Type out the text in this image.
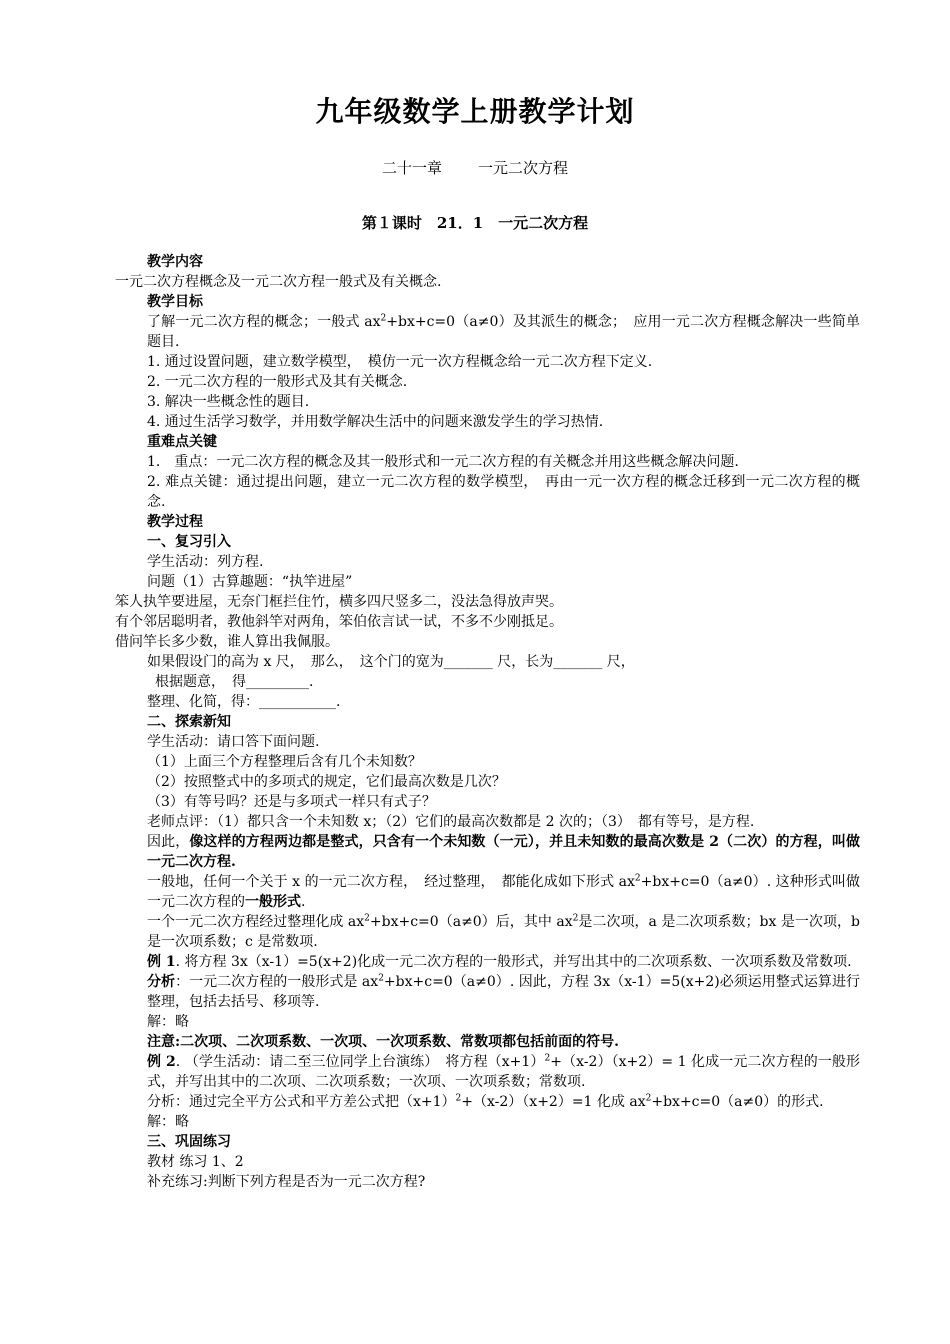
九年级数学上册教学计划
二十一章 一元二次方程
第１课时　21．1　一元二次方程
教学内容
一元二次方程概念及一元二次方程一般式及有关概念.
教学目标
了解一元二次方程的概念；一般式 $ax^2+bx+c=0(a\ne 0)$及其派生的概念；　应用一元二次方程概念解决一些简单题目.
1. 通过设置问题，建立数学模型，　模仿一元一次方程概念给一元二次方程下定义.
2. 一元二次方程的一般形式及其有关概念.
3. 解决一些概念性的题目.
4. 通过生活学习数学，并用数学解决生活中的问题来激发学生的学习热情.
重难点关键
1.　重点：一元二次方程的概念及其一般形式和一元二次方程的有关概念并用这些概念解决问题.
2. 难点关键：通过提出问题，建立一元二次方程的数学模型，　再由一元一次方程的概念迁移到一元二次方程的概念.
教学过程
一、复习引入
学生活动：列方程.
问题（1）古算趣题：“执竿进屋”
笨人执竿要进屋，无奈门框拦住竹，横多四尺竖多二，没法急得放声哭。
有个邻居聪明者，教他斜竿对两角，笨伯依言试一试，不多不少刚抵足。
借问竿长多少数，谁人算出我佩服。
如果假设门的高为 x 尺，　那么，　这个门的宽为_______ 尺，长为_______ 尺，
根据题意，　得_________.
整理、化简，得：___________.
二、探索新知
学生活动：请口答下面问题.
（1）上面三个方程整理后含有几个未知数？
（2）按照整式中的多项式的规定，它们最高次数是几次？
（3）有等号吗？还是与多项式一样只有式子？
老师点评：（1）都只含一个未知数 x；（2）它们的最高次数都是 2 次的；（3）　都有等号，是方程.
因此，像这样的方程两边都是整式，只含有一个未知数（一元），并且未知数的最高次数是 2（二次）的方程，叫做一元二次方程.
一般地，任何一个关于 x 的一元二次方程，　经过整理，　都能化成如下形式 $ax^2+bx+c=0(a\ne 0)$. 这种形式叫做一元二次方程的一般形式.
一个一元二次方程经过整理化成 $ax^2+bx+c=0(a\ne 0)$后，其中 $ax^2$是二次项，a 是二次项系数；bx 是一次项，b 是一次项系数；c 是常数项.
例 1. 将方程 3x（x-1）=5(x+2)化成一元二次方程的一般形式，并写出其中的二次项系数、一次项系数及常数项.
分析：一元二次方程的一般形式是 $ax^2+bx+c=0(a\ne 0)$. 因此，方程 3x（x-1）=5(x+2)必须运用整式运算进行整理，包括去括号、移项等.
解：略
注意:二次项、二次项系数、一次项、一次项系数、常数项都包括前面的符号.
例 2. （学生活动：请二至三位同学上台演练）　将方程$(x+1)^2+(x-2)(x+2)= 1$ 化成一元二次方程的一般形式，并写出其中的二次项、二次项系数；一次项、一次项系数；常数项.
分析：通过完全平方公式和平方差公式把$(x+1)^2+(x-2)(x+2)=1$ 化成 $ax^2+bx+c=0(a\ne 0)$的形式.
解：略
三、巩固练习
教材 练习 1、2
补充练习:判断下列方程是否为一元二次方程?
